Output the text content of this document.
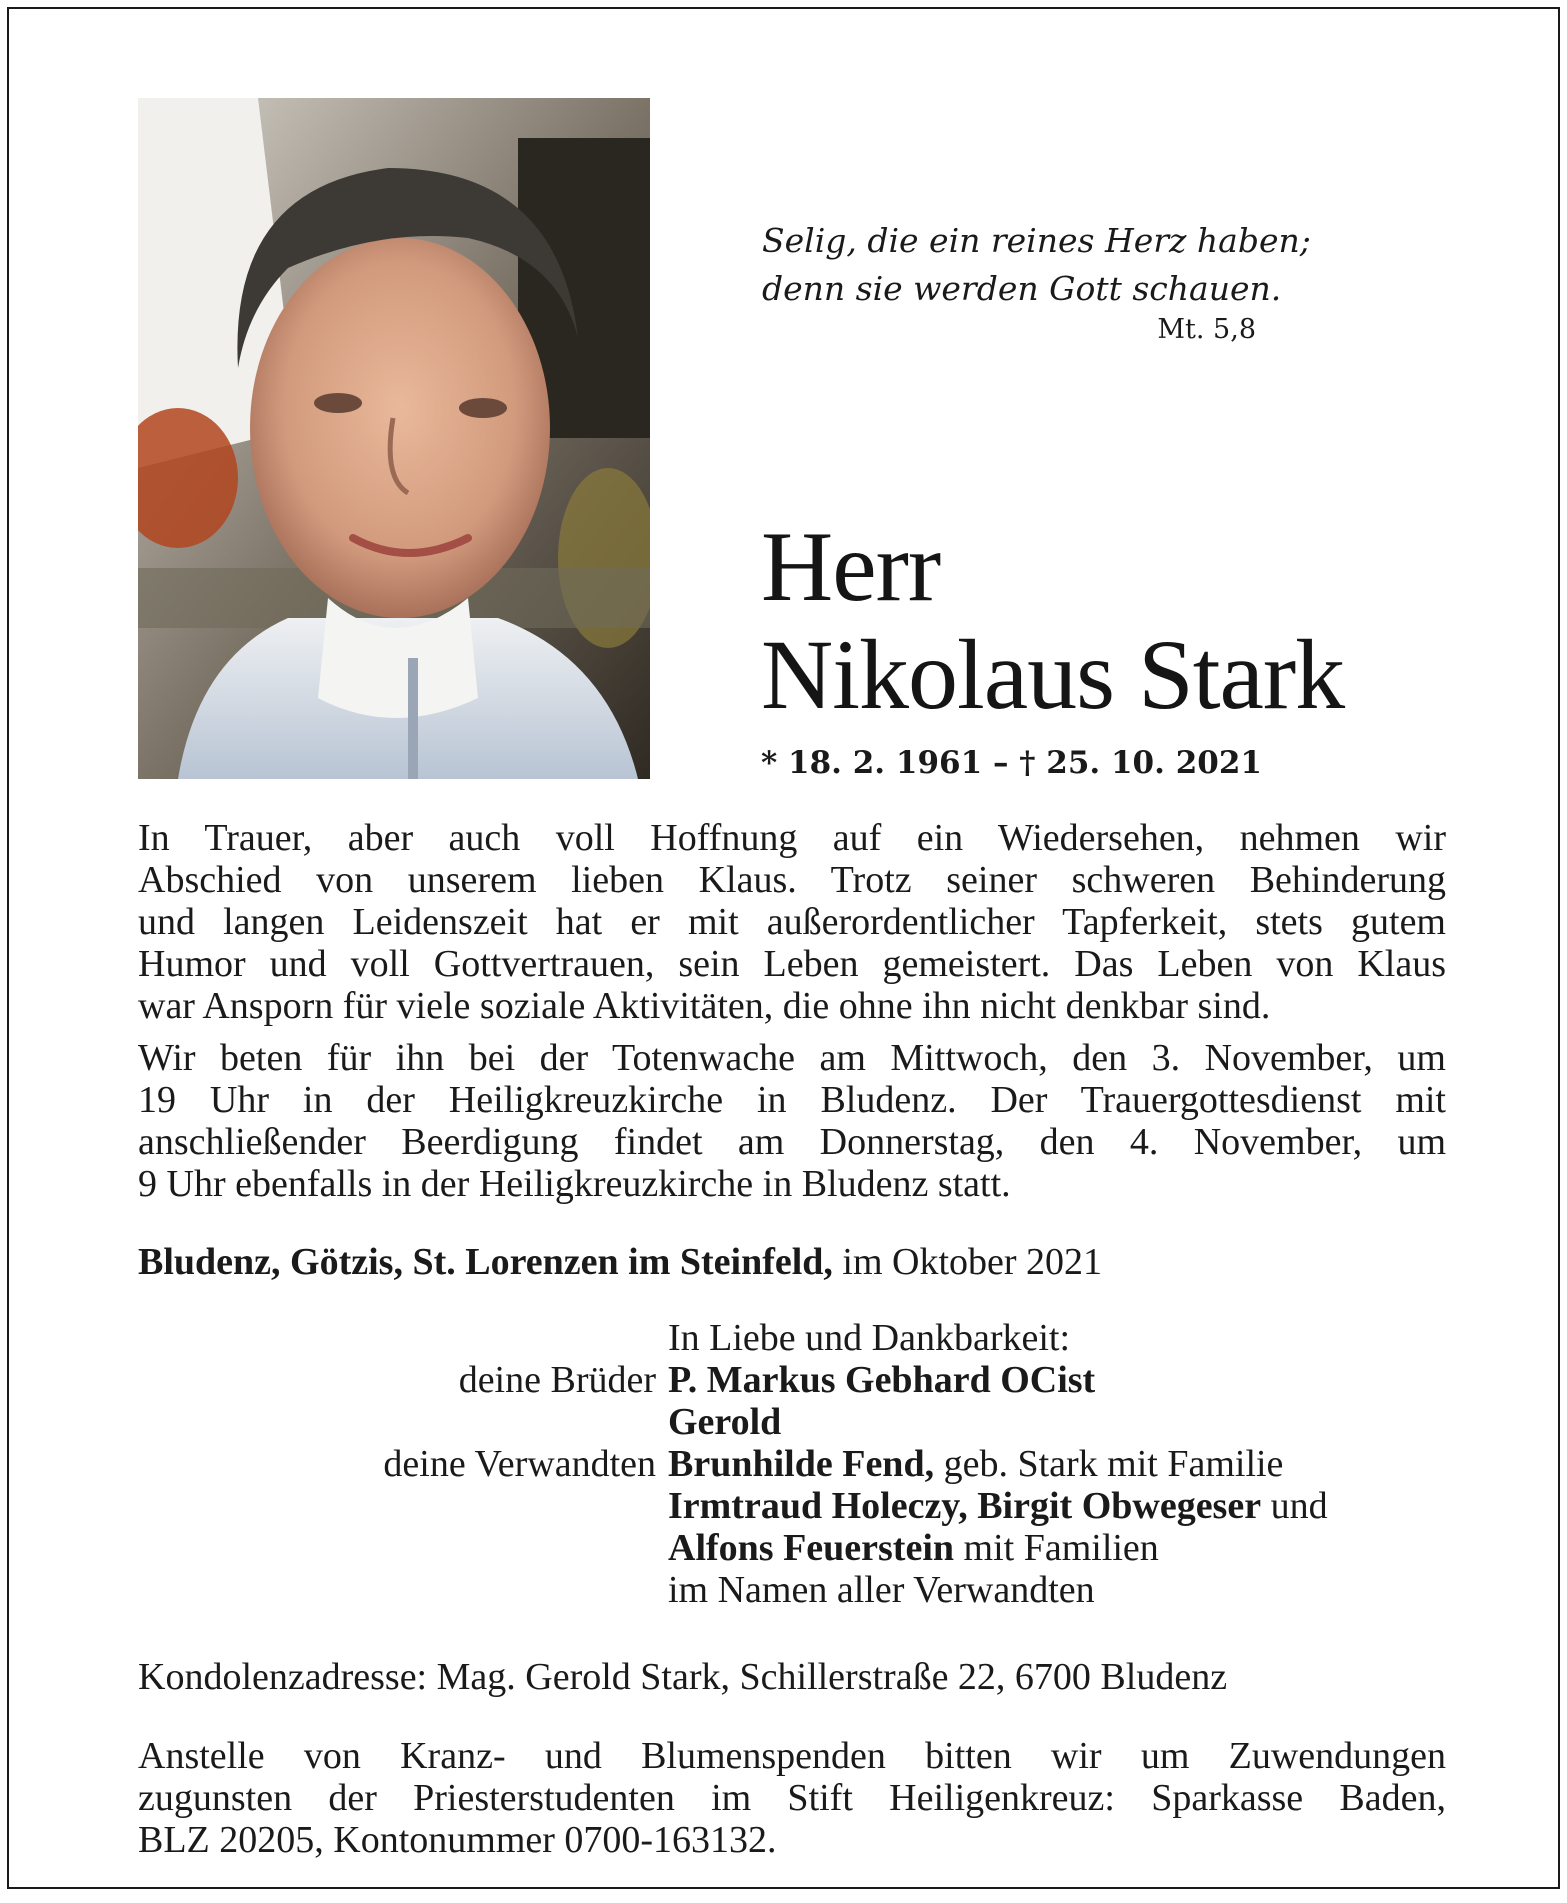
Selig, die ein reines Herz haben;
denn sie werden Gott schauen.
Mt. 5,8
Herr
Nikolaus Stark
* 18. 2. 1961 – † 25. 10. 2021
In Trauer, aber auch voll Hoffnung auf ein Wiedersehen, nehmen wir
Abschied von unserem lieben Klaus. Trotz seiner schweren Behinderung
und langen Leidenszeit hat er mit außerordentlicher Tapferkeit, stets gutem
Humor und voll Gottvertrauen, sein Leben gemeistert. Das Leben von Klaus
war Ansporn für viele soziale Aktivitäten, die ohne ihn nicht denkbar sind.
Wir beten für ihn bei der Totenwache am Mittwoch, den 3. November, um
19 Uhr in der Heiligkreuzkirche in Bludenz. Der Trauergottesdienst mit
anschließender Beerdigung findet am Donnerstag, den 4. November, um
9 Uhr ebenfalls in der Heiligkreuzkirche in Bludenz statt.
Bludenz, Götzis, St. Lorenzen im Steinfeld, im Oktober 2021
In Liebe und Dankbarkeit:
deine Brüder P. Markus Gebhard OCist
Gerold
deine Verwandten Brunhilde Fend, geb. Stark mit Familie
Irmtraud Holeczy, Birgit Obwegeser und
Alfons Feuerstein mit Familien
im Namen aller Verwandten
Kondolenzadresse: Mag. Gerold Stark, Schillerstraße 22, 6700 Bludenz
Anstelle von Kranz- und Blumenspenden bitten wir um Zuwendungen
zugunsten der Priesterstudenten im Stift Heiligenkreuz: Sparkasse Baden,
BLZ 20205, Kontonummer 0700-163132.
